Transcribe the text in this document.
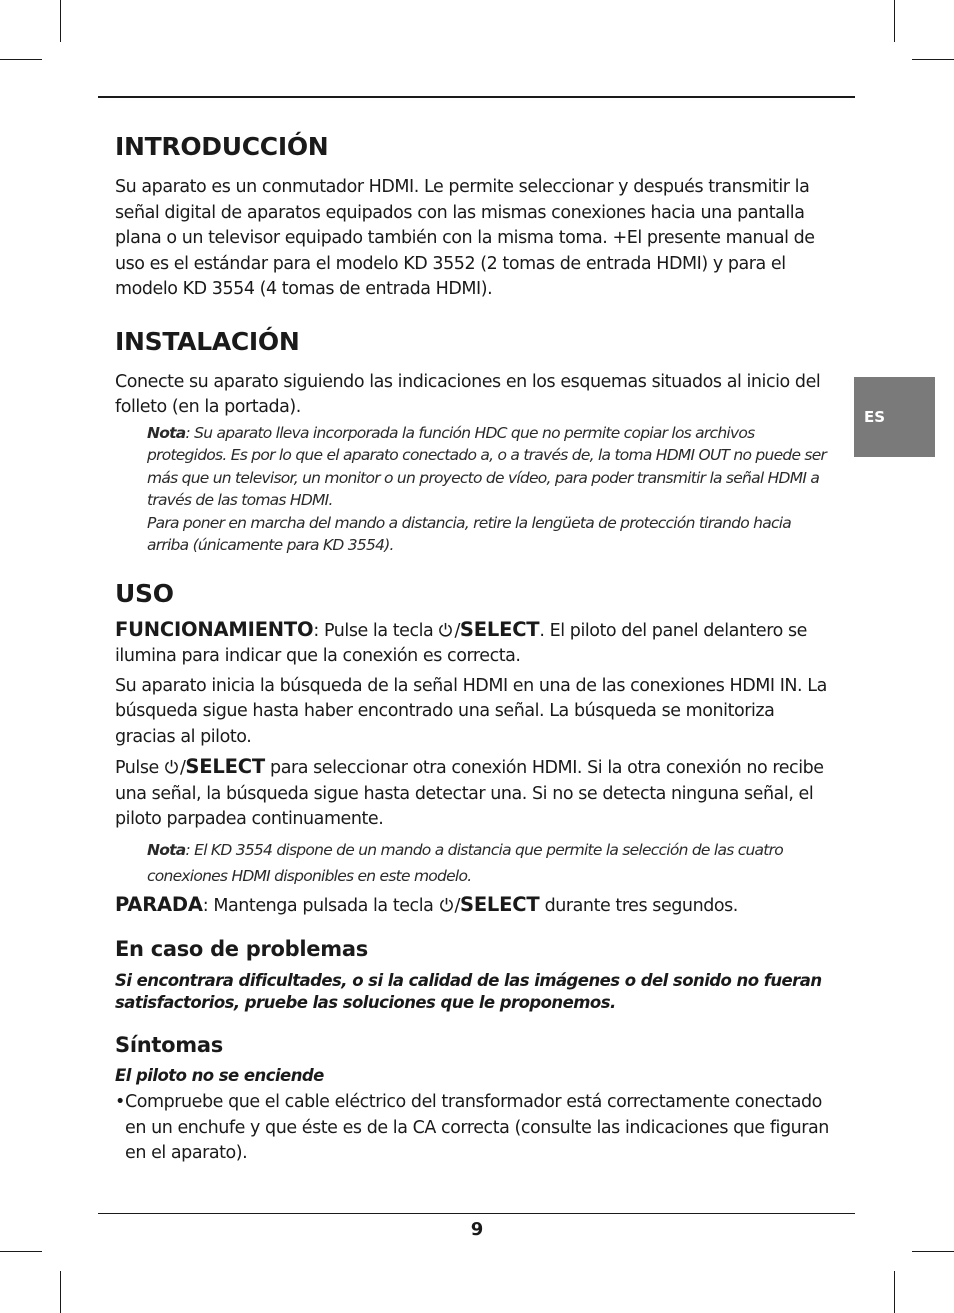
ES
INTRODUCCIÓN

Su aparato es un conmutador HDMI. Le permite seleccionar y después transmitir la señal digital de aparatos equipados con las mismas conexiones hacia una pantalla plana o un televisor equipado también con la misma toma. +El presente manual de uso es el estándar para el modelo KD 3552 (2 tomas de entrada HDMI) y para el modelo KD 3554 (4 tomas de entrada HDMI).

INSTALACIÓN

Conecte su aparato siguiendo las indicaciones en los esquemas situados al inicio del folleto (en la portada).

Nota: Su aparato lleva incorporada la función HDC que no permite copiar los archivos protegidos. Es por lo que el aparato conectado a, o a través de, la toma HDMI OUT no puede ser más que un televisor, un monitor o un proyecto de vídeo, para poder transmitir la señal HDMI a través de las tomas HDMI.

Para poner en marcha del mando a distancia, retire la lengüeta de protección tirando hacia arriba (únicamente para KD 3554).

USO

FUNCIONAMIENTO: Pulse la tecla /SELECT. El piloto del panel delantero se ilumina para indicar que la conexión es correcta.

Su aparato inicia la búsqueda de la señal HDMI en una de las conexiones HDMI IN. La búsqueda sigue hasta haber encontrado una señal. La búsqueda se monitoriza gracias al piloto.

Pulse /SELECT para seleccionar otra conexión HDMI. Si la otra conexión no recibe una señal, la búsqueda sigue hasta detectar una. Si no se detecta ninguna señal, el piloto parpadea continuamente.

Nota: El KD 3554 dispone de un mando a distancia que permite la selección de las cuatro conexiones HDMI disponibles en este modelo.

PARADA: Mantenga pulsada la tecla /SELECT durante tres segundos.

En caso de problemas

Si encontrara dificultades, o si la calidad de las imágenes o del sonido no fueran satisfactorios, pruebe las soluciones que le proponemos.

Síntomas

El piloto no se enciende

• Compruebe que el cable eléctrico del transformador está correctamente conectado en un enchufe y que éste es de la CA correcta (consulte las indicaciones que figuran en el aparato).

9
